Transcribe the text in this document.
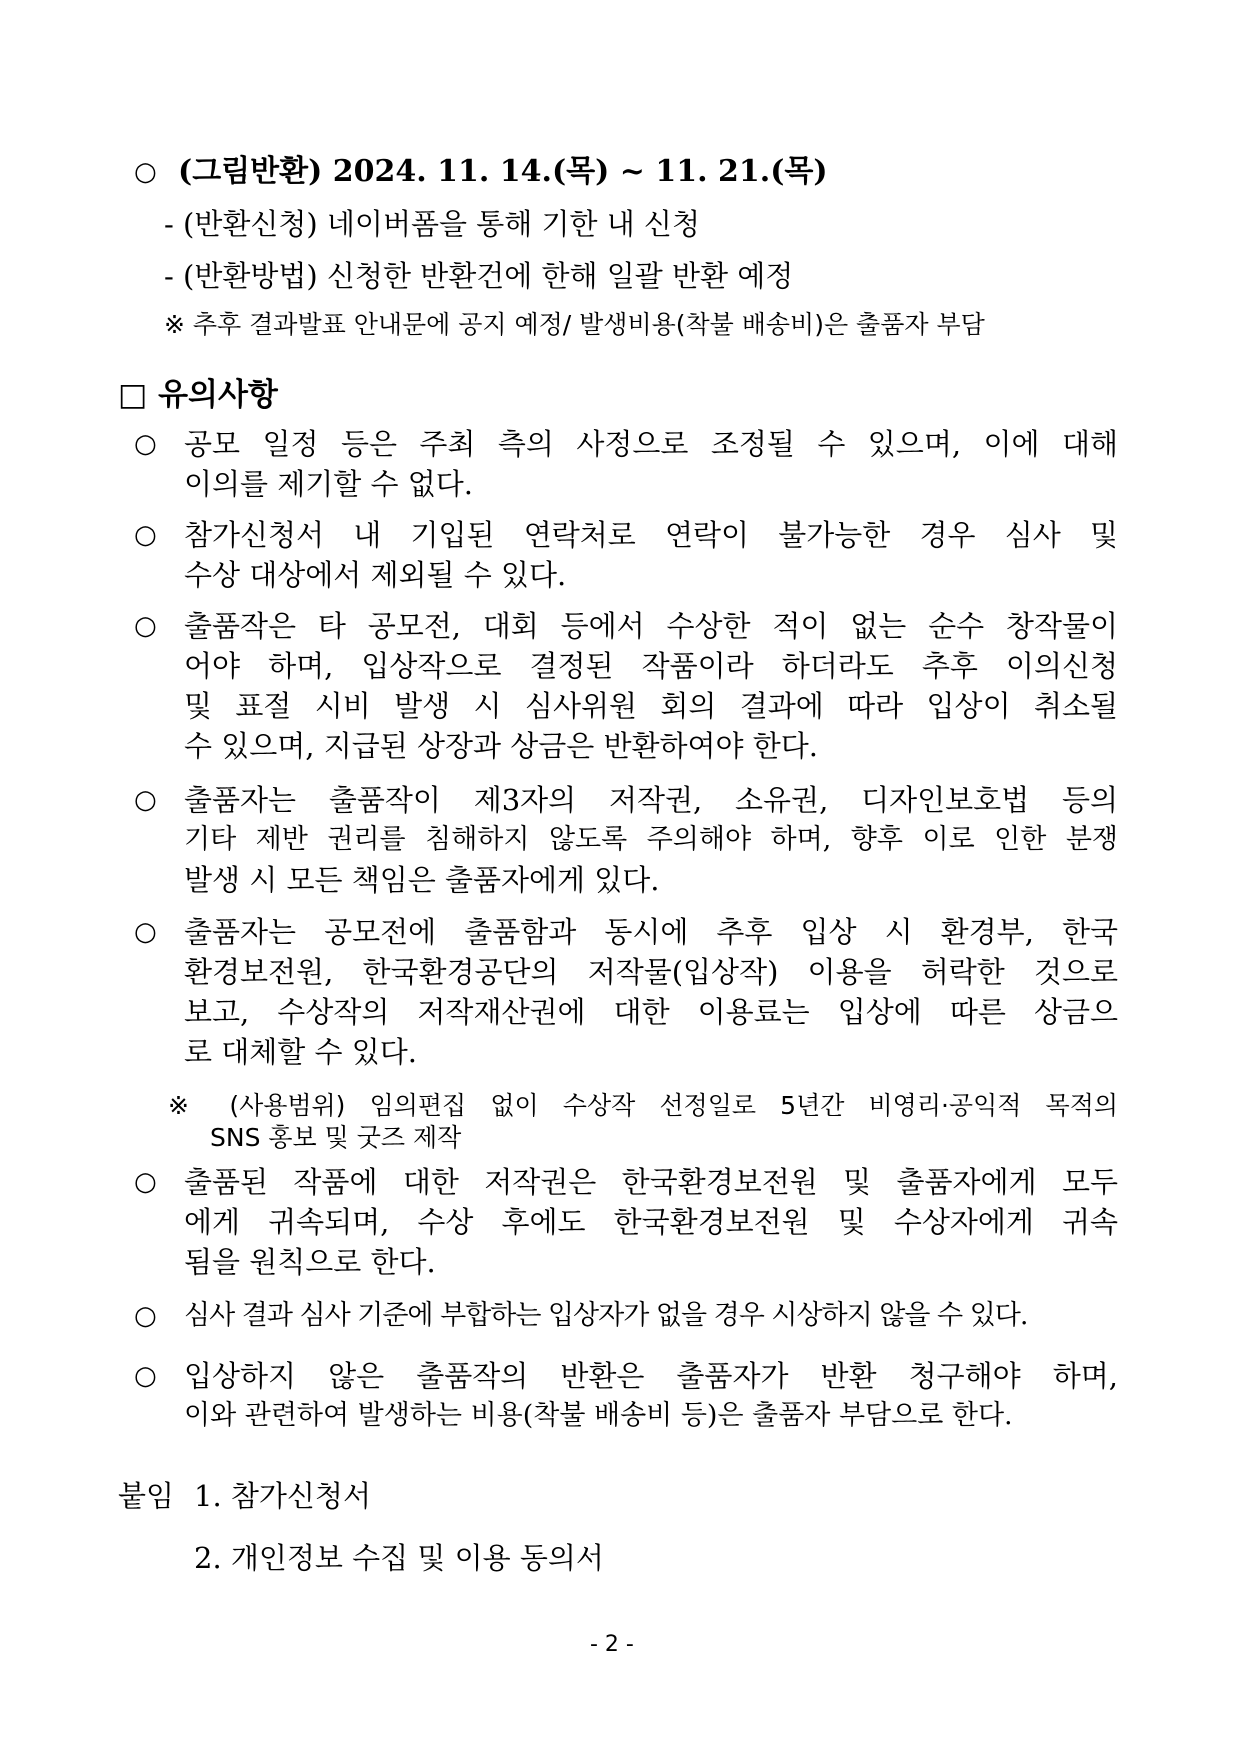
○ (그림반환) 2024. 11. 14.(목) ~ 11. 21.(목)
- (반환신청) 네이버폼을 통해 기한 내 신청
- (반환방법) 신청한 반환건에 한해 일괄 반환 예정
※ 추후 결과발표 안내문에 공지 예정/ 발생비용(착불 배송비)은 출품자 부담
□ 유의사항
○ 공모 일정 등은 주최 측의 사정으로 조정될 수 있으며, 이에 대해
이의를 제기할 수 없다.
○ 참가신청서 내 기입된 연락처로 연락이 불가능한 경우 심사 및
수상 대상에서 제외될 수 있다.
○ 출품작은 타 공모전, 대회 등에서 수상한 적이 없는 순수 창작물이
어야 하며, 입상작으로 결정된 작품이라 하더라도 추후 이의신청
및 표절 시비 발생 시 심사위원 회의 결과에 따라 입상이 취소될
수 있으며, 지급된 상장과 상금은 반환하여야 한다.
○ 출품자는 출품작이 제3자의 저작권, 소유권, 디자인보호법 등의
기타 제반 권리를 침해하지 않도록 주의해야 하며, 향후 이로 인한 분쟁
발생 시 모든 책임은 출품자에게 있다.
○ 출품자는 공모전에 출품함과 동시에 추후 입상 시 환경부, 한국
환경보전원, 한국환경공단의 저작물(입상작) 이용을 허락한 것으로
보고, 수상작의 저작재산권에 대한 이용료는 입상에 따른 상금으
로 대체할 수 있다.
※ (사용범위) 임의편집 없이 수상작 선정일로 5년간 비영리·공익적 목적의
SNS 홍보 및 굿즈 제작
○ 출품된 작품에 대한 저작권은 한국환경보전원 및 출품자에게 모두
에게 귀속되며, 수상 후에도 한국환경보전원 및 수상자에게 귀속
됨을 원칙으로 한다.
○ 심사 결과 심사 기준에 부합하는 입상자가 없을 경우 시상하지 않을 수 있다.
○ 입상하지 않은 출품작의 반환은 출품자가 반환 청구해야 하며,
이와 관련하여 발생하는 비용(착불 배송비 등)은 출품자 부담으로 한다.
붙임 1. 참가신청서
2. 개인정보 수집 및 이용 동의서
- 2 -
